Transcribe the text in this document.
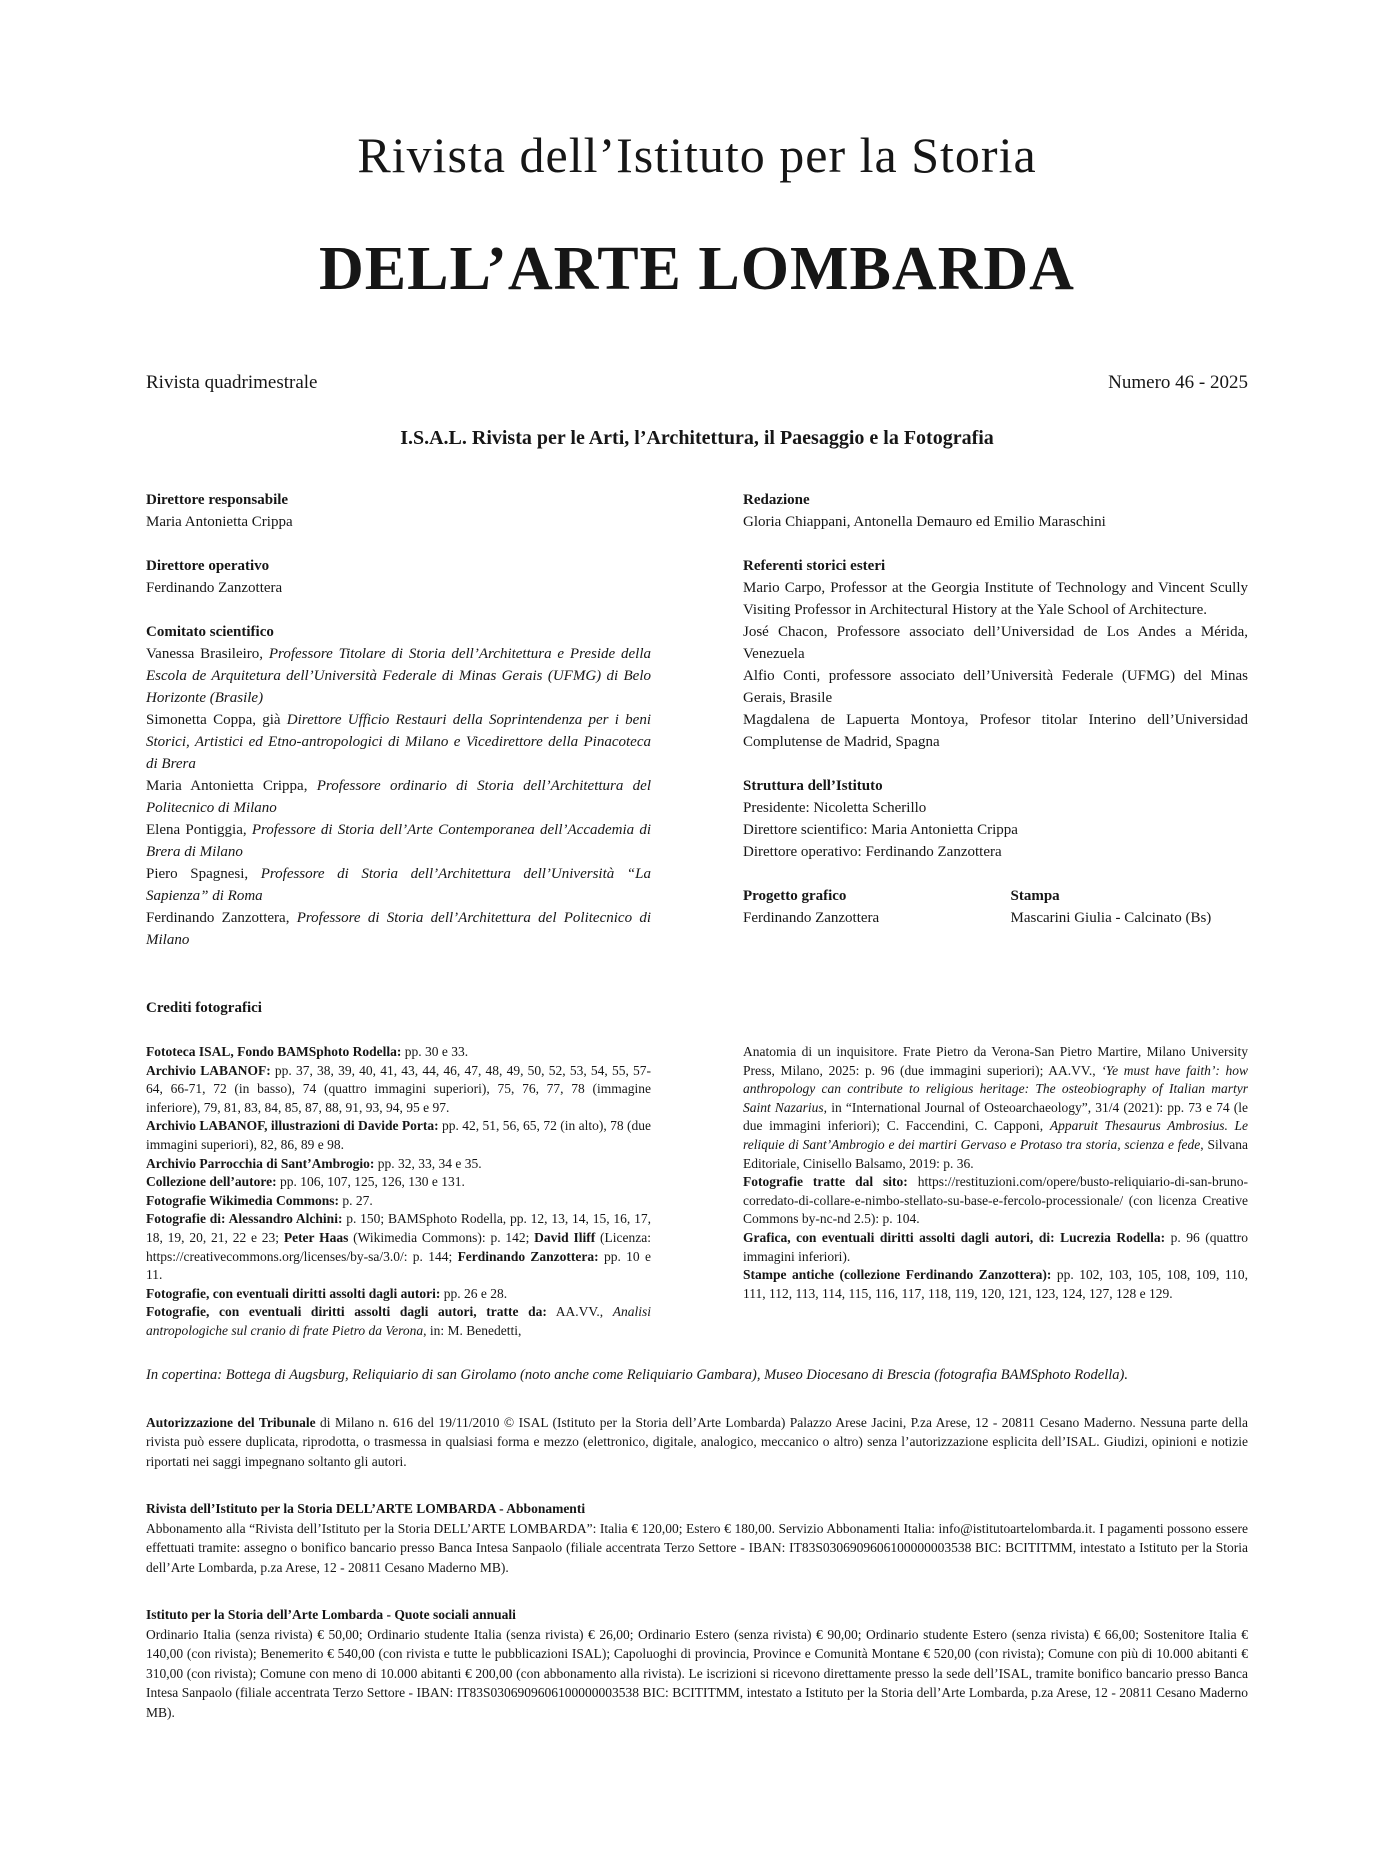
Rivista dell’Istituto per la Storia
DELL’ARTE LOMBARDA
Rivista quadrimestrale	Numero 46 - 2025
I.S.A.L. Rivista per le Arti, l’Architettura, il Paesaggio e la Fotografia

Direttore responsabile

Maria Antonietta Crippa

Direttore operativo

Ferdinando Zanzottera

Comitato scientifico

Vanessa Brasileiro, Professore Titolare di Storia dell’Architettura e Preside della Escola de Arquitetura dell’Università Federale di Minas Gerais (UFMG) di Belo Horizonte (Brasile)

Simonetta Coppa, già Direttore Ufficio Restauri della Soprintendenza per i beni Storici, Artistici ed Etno-antropologici di Milano e Vicedirettore della Pinacoteca di Brera

Maria Antonietta Crippa, Professore ordinario di Storia dell’Architettura del Politecnico di Milano

Elena Pontiggia, Professore di Storia dell’Arte Contemporanea dell’Accademia di Brera di Milano

Piero Spagnesi, Professore di Storia dell’Architettura dell’Università “La Sapienza” di Roma

Ferdinando Zanzottera, Professore di Storia dell’Architettura del Politecnico di Milano

Redazione

Gloria Chiappani, Antonella Demauro ed Emilio Maraschini

Referenti storici esteri

Mario Carpo, Professor at the Georgia Institute of Technology and Vincent Scully Visiting Professor in Architectural History at the Yale School of Architecture.

José Chacon, Professore associato dell’Universidad de Los Andes a Mérida, Venezuela

Alfio Conti, professore associato dell’Università Federale (UFMG) del Minas Gerais, Brasile

Magdalena de Lapuerta Montoya, Profesor titolar Interino dell’Universidad Complutense de Madrid, Spagna

Struttura dell’Istituto

Presidente: Nicoletta Scherillo

Direttore scientifico: Maria Antonietta Crippa

Direttore operativo: Ferdinando Zanzottera

Progetto grafico

Ferdinando Zanzottera

Stampa

Mascarini Giulia - Calcinato (Bs)

Crediti fotografici

Fototeca ISAL, Fondo BAMSphoto Rodella: pp. 30 e 33.

Archivio LABANOF: pp. 37, 38, 39, 40, 41, 43, 44, 46, 47, 48, 49, 50, 52, 53, 54, 55, 57-64, 66-71, 72 (in basso), 74 (quattro immagini superiori), 75, 76, 77, 78 (immagine inferiore), 79, 81, 83, 84, 85, 87, 88, 91, 93, 94, 95 e 97.

Archivio LABANOF, illustrazioni di Davide Porta: pp. 42, 51, 56, 65, 72 (in alto), 78 (due immagini superiori), 82, 86, 89 e 98.

Archivio Parrocchia di Sant’Ambrogio: pp. 32, 33, 34 e 35.

Collezione dell’autore: pp. 106, 107, 125, 126, 130 e 131.

Fotografie Wikimedia Commons: p. 27.

Fotografie di: Alessandro Alchini: p. 150; BAMSphoto Rodella, pp. 12, 13, 14, 15, 16, 17, 18, 19, 20, 21, 22 e 23; Peter Haas (Wikimedia Commons): p. 142; David Iliff (Licenza: https://creativecommons.org/licenses/by-sa/3.0/: p. 144; Ferdinando Zanzottera: pp. 10 e 11.

Fotografie, con eventuali diritti assolti dagli autori: pp. 26 e 28.

Fotografie, con eventuali diritti assolti dagli autori, tratte da: AA.VV., Analisi antropologiche sul cranio di frate Pietro da Verona, in: M. Benedetti,

Anatomia di un inquisitore. Frate Pietro da Verona-San Pietro Martire, Milano University Press, Milano, 2025: p. 96 (due immagini superiori); AA.VV., ‘Ye must have faith’: how anthropology can contribute to religious heritage: The osteobiography of Italian martyr Saint Nazarius, in “International Journal of Osteoarchaeology”, 31/4 (2021): pp. 73 e 74 (le due immagini inferiori); C. Faccendini, C. Capponi, Apparuit Thesaurus Ambrosius. Le reliquie di Sant’Ambrogio e dei martiri Gervaso e Protaso tra storia, scienza e fede, Silvana Editoriale, Cinisello Balsamo, 2019: p. 36.

Fotografie tratte dal sito: https://restituzioni.com/opere/busto-reliquiario-di-san-bruno-corredato-di-collare-e-nimbo-stellato-su-base-e-fercolo-processionale/ (con licenza Creative Commons by-nc-nd 2.5): p. 104.

Grafica, con eventuali diritti assolti dagli autori, di: Lucrezia Rodella: p. 96 (quattro immagini inferiori).

Stampe antiche (collezione Ferdinando Zanzottera): pp. 102, 103, 105, 108, 109, 110, 111, 112, 113, 114, 115, 116, 117, 118, 119, 120, 121, 123, 124, 127, 128 e 129.

In copertina: Bottega di Augsburg, Reliquiario di san Girolamo (noto anche come Reliquiario Gambara), Museo Diocesano di Brescia (fotografia BAMSphoto Rodella).

Autorizzazione del Tribunale di Milano n. 616 del 19/11/2010 © ISAL (Istituto per la Storia dell’Arte Lombarda) Palazzo Arese Jacini, P.za Arese, 12 - 20811 Cesano Maderno. Nessuna parte della rivista può essere duplicata, riprodotta, o trasmessa in qualsiasi forma e mezzo (elettronico, digitale, analogico, meccanico o altro) senza l’autorizzazione esplicita dell’ISAL. Giudizi, opinioni e notizie riportati nei saggi impegnano soltanto gli autori.

Rivista dell’Istituto per la Storia DELL’ARTE LOMBARDA - Abbonamenti

Abbonamento alla “Rivista dell’Istituto per la Storia DELL’ARTE LOMBARDA”: Italia € 120,00; Estero € 180,00. Servizio Abbonamenti Italia: info@istitutoartelombarda.it. I pagamenti possono essere effettuati tramite: assegno o bonifico bancario presso Banca Intesa Sanpaolo (filiale accentrata Terzo Settore - IBAN: IT83S0306909606100000003538 BIC: BCITITMM, intestato a Istituto per la Storia dell’Arte Lombarda, p.za Arese, 12 - 20811 Cesano Maderno MB).

Istituto per la Storia dell’Arte Lombarda - Quote sociali annuali

Ordinario Italia (senza rivista) € 50,00; Ordinario studente Italia (senza rivista) € 26,00; Ordinario Estero (senza rivista) € 90,00; Ordinario studente Estero (senza rivista) € 66,00; Sostenitore Italia € 140,00 (con rivista); Benemerito € 540,00 (con rivista e tutte le pubblicazioni ISAL); Capoluoghi di provincia, Province e Comunità Montane € 520,00 (con rivista); Comune con più di 10.000 abitanti € 310,00 (con rivista); Comune con meno di 10.000 abitanti € 200,00 (con abbonamento alla rivista). Le iscrizioni si ricevono direttamente presso la sede dell’ISAL, tramite bonifico bancario presso Banca Intesa Sanpaolo (filiale accentrata Terzo Settore - IBAN: IT83S0306909606100000003538 BIC: BCITITMM, intestato a Istituto per la Storia dell’Arte Lombarda, p.za Arese, 12 - 20811 Cesano Maderno MB).
